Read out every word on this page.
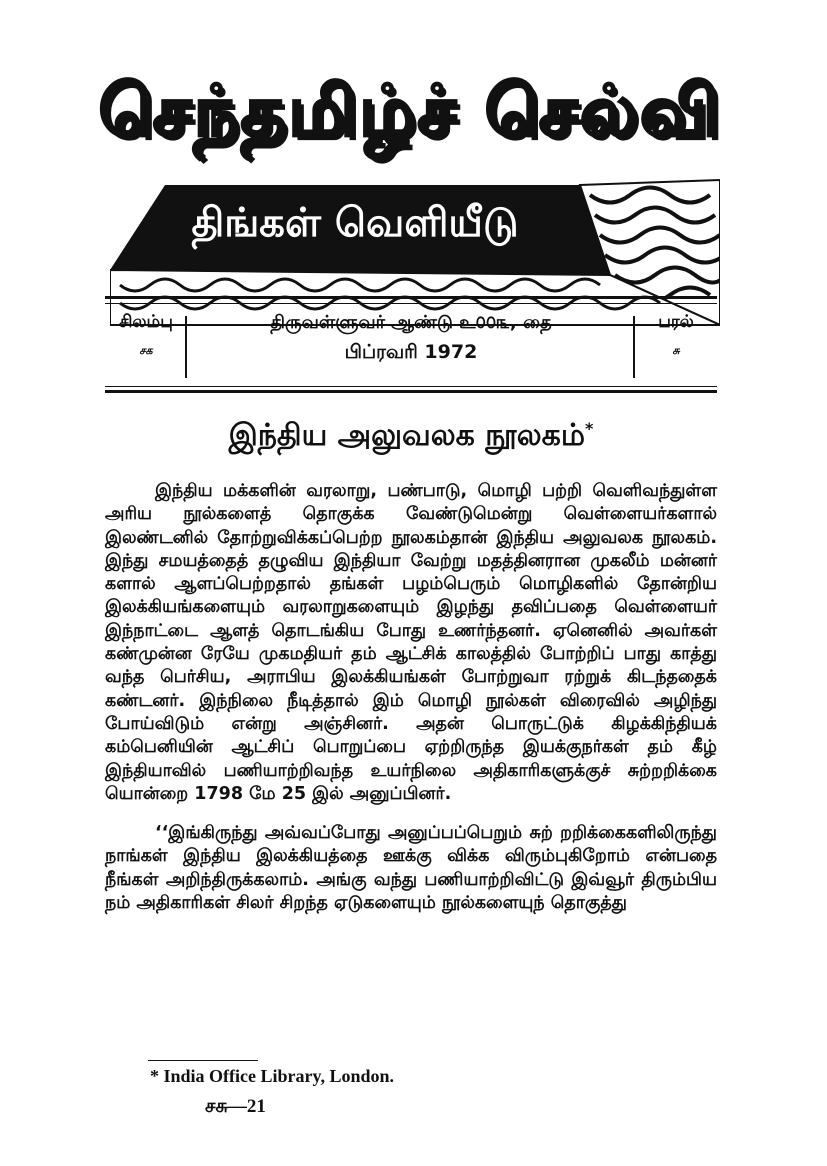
செந்தமிழ்ச் செல்வி
திங்கள் வெளியீடு
சிலம்பு
சக
திருவள்ளுவர் ஆண்டு உ௦௦௩, தை
பிப்ரவரி 1972
பரல்
சு
இந்திய அலுவலக நூலகம்*

இந்திய மக்களின் வரலாறு, பண்பாடு, மொழி பற்றி வெளிவந்துள்ள அரிய நூல்களைத் தொகுக்க வேண்டுமென்று வெள்ளையர்களால் இலண்டனில் தோற்றுவிக்கப்பெற்ற நூலகம்தான் இந்திய அலுவலக நூலகம். இந்து சமயத்தைத் தழுவிய இந்தியா வேற்று மதத்தினரான முகலீம் மன்னர் களால் ஆளப்பெற்றதால் தங்கள் பழம்பெரும் மொழிகளில் தோன்றிய இலக்கியங்களையும் வரலாறுகளையும் இழந்து தவிப்பதை வெள்ளையர் இந்நாட்டை ஆளத் தொடங்கிய போது உணர்ந்தனர். ஏனெனில் அவர்கள் கண்முன்ன ரேயே முகமதியர் தம் ஆட்சிக் காலத்தில் போற்றிப் பாது காத்து வந்த பெர்சிய, அராபிய இலக்கியங்கள் போற்றுவா ரற்றுக் கிடந்ததைக் கண்டனர். இந்நிலை நீடித்தால் இம் மொழி நூல்கள் விரைவில் அழிந்து போய்விடும் என்று அஞ்சினர். அதன் பொருட்டுக் கிழக்கிந்தியக் கம்பெனியின் ஆட்சிப் பொறுப்பை ஏற்றிருந்த இயக்குநர்கள் தம் கீழ் இந்தியாவில் பணியாற்றிவந்த உயர்நிலை அதிகாரிகளுக்குச் சுற்றறிக்கை யொன்றை 1798 மே 25 இல் அனுப்பினர்.

‘‘இங்கிருந்து அவ்வப்போது அனுப்பப்பெறும் சுற் றறிக்கைகளிலிருந்து நாங்கள் இந்திய இலக்கியத்தை ஊக்கு விக்க விரும்புகிறோம் என்பதை நீங்கள் அறிந்திருக்கலாம். அங்கு வந்து பணியாற்றிவிட்டு இவ்வூர் திரும்பிய நம் அதிகாரிகள் சிலர் சிறந்த ஏடுகளையும் நூல்களையுந் தொகுத்து

* India Office Library, London.
சசு—21
